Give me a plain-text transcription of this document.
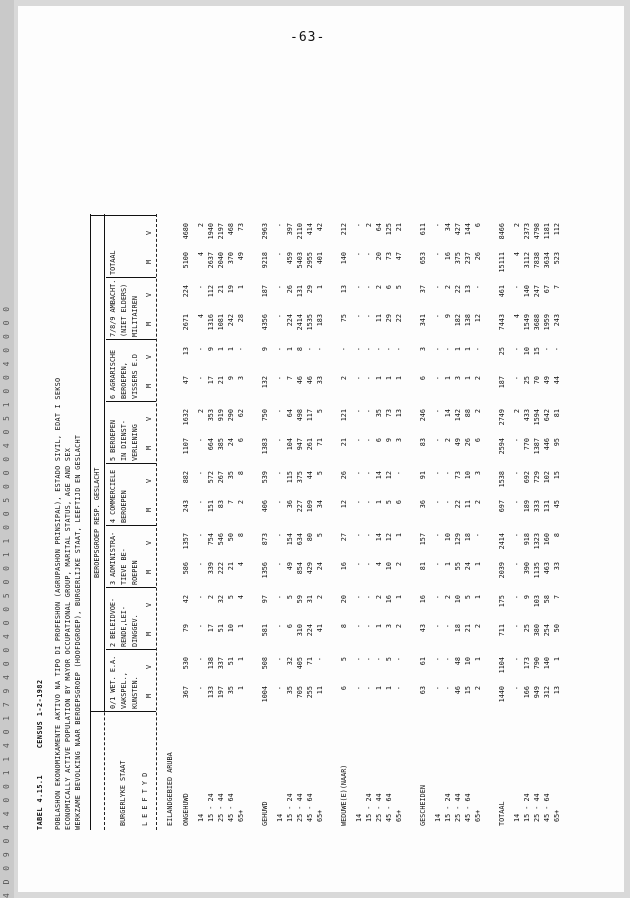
4 D 0 9 0 4 4 0 0 1 1 4 0 1 7 9 4 0 0 4 0 0 5 0 0 1 1 0 0 5 0 0 0 4 0 5 1 0 0 4 0 0 0 0
-63-
TABEL 4.15.1 CENSUS 1-2-1982 POBLASHON EKONOMIKAMENTE AKTIVO NA TIPO DI PROFESHON (AGRUPASHON PRINSIPAL), ESTADO SIVIL, EDAT I SEKSO ECONOMICALLY ACTIVE POPULATION BY MAYOR OCCUPATIONAL GROUP, MARITAL STATUS, AGE AND SEX WERKZAME BEVOLKING NAAR BEROEPSGROEP (HOOFDGROEP), BURGERLIJKE STAAT, LEEFTIJD EN GESLACHT BEROEPSGROEP RESP. GESLACHT
BURGERLYKE STAAT L E E F T Y D
0/1 WET. E.A. VAKSPEL., KUNSTEN. M
V
2 BELEIDVOE- RENDE,LEI- DINGGEV. M
V
3 ADMINISTRA- TIEVE BE- ROEPEN M
V
4 COMMERCIELE BEROEPEN	M
V
5 BEROEPEN IN DIENST- VERLENING M
V
6 AGRARISCHE BEROEPEN, VISSERS E.D M
V
7/8/9 AMBACHT. (NIET ELDERS) MILITAIREN M
V
TOTAAL	M
V
EILANDGEBIED ARUBA ONGEHUWD
367
530
79
42
586
1357
243
882
1107
1632
47
13
2671
224
5100
4680
14
-
-
-
-
-
-
-
-
-
2
-
-
4
-
4
2
15 - 24
133
138
17
2
339
754
151
572
664
353
17
9
1316
112
2637
1940
25 - 44
197
337
51
32
222
546
83
267
385
919
21
1
1081
21
2040
2197
45 - 64
35
51
10
5
21
50
7
35
24
290
9
1
242
19
370
468
65+
1
1
1
4
4
8
2
8
6
62
3
-
28
1
49
73
GEHUWD
1004
508
581
97
1356
873
406
539
1383
750
132
9
4356
187
9218
2963
14
-
-
-
-
-
-
-
-
-
-
-
-
-
-
-
-
15 - 24
35
32
6
5
49
154
36
115
104
64
7
1
224
26
459
397
25 - 44
705
405
310
59
854
634
227
375
947
498
46
8
2414
131
5403
2110
45 - 64
255
71
224
31
429
80
109
44
261
117
46
-
1535
29
2955
414
65+
11
-
41
2
24
5
34
5
71
5
33
-
183
1
401
42
WEDUWE(E)(NAAR)
6
5
8
20
16
27
12
26
21
121
2
-
75
13
140
212
14
-
-
-
-
-
-
-
-
-
-
-
-
-
-
-
-
15 - 24
-
-
-
-
-
-
-
-
-
-
-
-
-
-
-
2
25 - 44
1
-
1
2
4
14
1
14
6
35
1
-
11
2
20
64
45 - 64
1
5
3
16
10
12
5
12
9
73
1
-
29
6
73
125
65+
-
-
2
1
2
1
6
-
3
13
1
-
22
5
47
21
GESCHEIDEN
63
61
43
16
81
157
36
91
83
246
6
3
341
37
653
611
14
-
-
-
-
-
-
-
-
-
-
-
-
-
-
-
-
15 - 24
-
-
-
2
1
10
-
-
2
14
1
-
9
2
16
34
25 - 44
46
48
18
10
55
129
22
73
49
142
3
1
182
22
375
427
45 - 64
15
10
21
5
24
18
11
10
26
88
1
1
138
13
237
144
65+
2
1
2
1
1
-
2
3
6
2
2
-
12
-
26
6
TOTAAL
1440
1104
711
175
2039
2414
697
1538
2594
2749
187
25
7443
461
15111
8466
14
-
-
-
-
-
-
-
-
-
2
-
-
4
-
4
2
15 - 24
166
173
25
9
390
918
189
692
770
433
25
10
1549
140
3112
2373
25 - 44
949
790
380
103
1135
1323
333
729
1387
1594
70
15
3688
247
7838
4798
45 - 64
312
140
254
58
463
160
131
102
446
642
49
-
1959
67
3634
1181
65+
13
1
50
7
33
8
45
15
95
81
44
-
243
7
523
112
